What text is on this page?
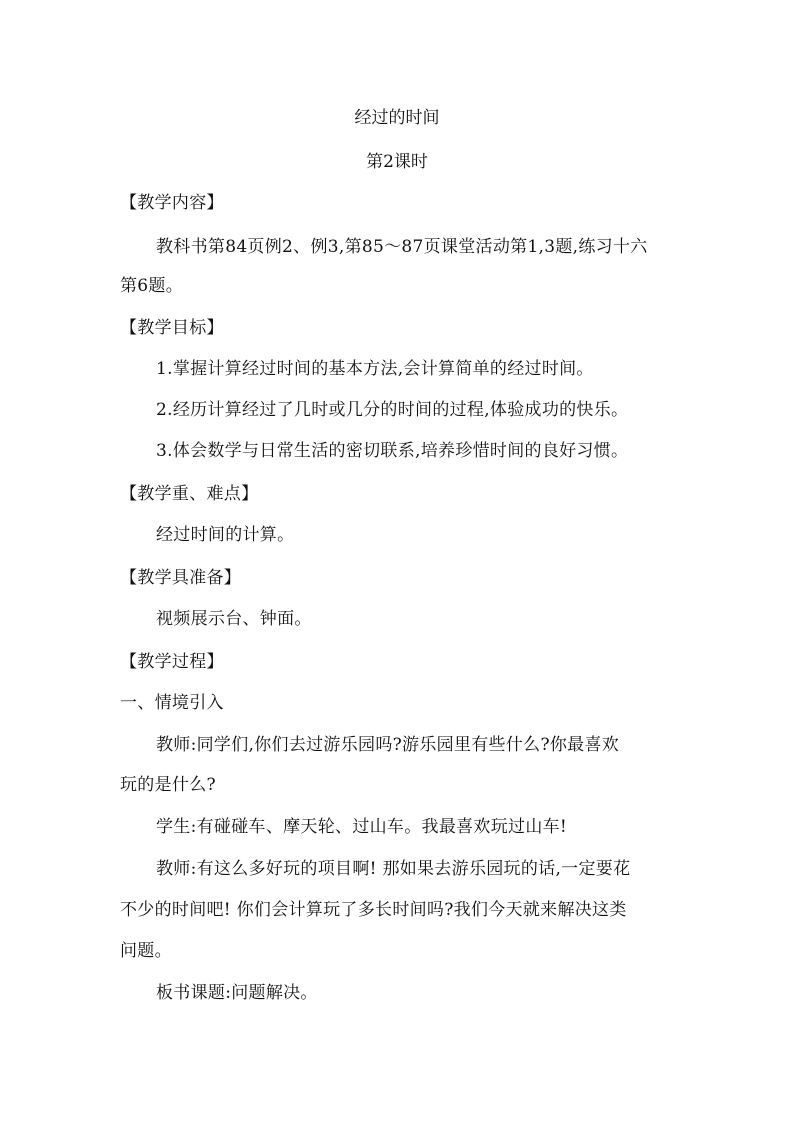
经过的时间
第2课时
【教学内容】
教科书第84页例2、例3,第85～87页课堂活动第1,3题,练习十六
第6题。
【教学目标】
1.掌握计算经过时间的基本方法,会计算简单的经过时间。
2.经历计算经过了几时或几分的时间的过程,体验成功的快乐。
3.体会数学与日常生活的密切联系,培养珍惜时间的良好习惯。
【教学重、难点】
经过时间的计算。
【教学具准备】
视频展示台、钟面。
【教学过程】
一、情境引入
教师:同学们,你们去过游乐园吗?游乐园里有些什么?你最喜欢
玩的是什么?
学生:有碰碰车、摩天轮、过山车。我最喜欢玩过山车!
教师:有这么多好玩的项目啊! 那如果去游乐园玩的话,一定要花
不少的时间吧! 你们会计算玩了多长时间吗?我们今天就来解决这类
问题。
板书课题:问题解决。
